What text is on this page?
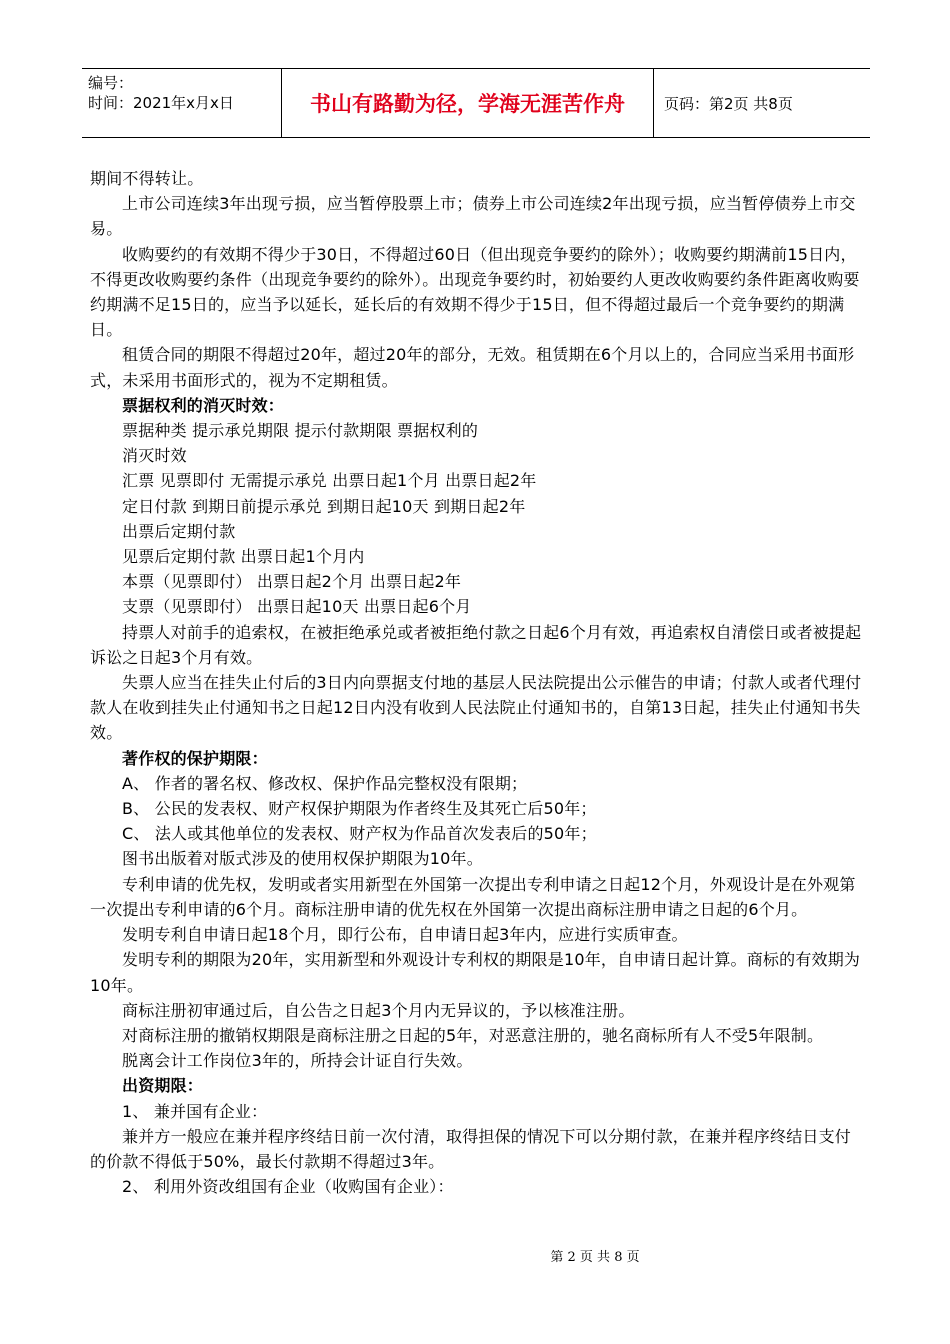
编号：
时间：2021年x月x日	书山有路勤为径，学海无涯苦作舟	页码：第2页 共8页

期间不得转让。

上市公司连续3年出现亏损，应当暂停股票上市；债券上市公司连续2年出现亏损，应当暂停债券上市交易。

收购要约的有效期不得少于30日，不得超过60日（但出现竞争要约的除外）；收购要约期满前15日内，不得更改收购要约条件（出现竞争要约的除外）。出现竞争要约时，初始要约人更改收购要约条件距离收购要约期满不足15日的，应当予以延长，延长后的有效期不得少于15日，但不得超过最后一个竞争要约的期满日。

租赁合同的期限不得超过20年，超过20年的部分，无效。租赁期在6个月以上的，合同应当采用书面形式，未采用书面形式的，视为不定期租赁。

票据权利的消灭时效：

票据种类 提示承兑期限 提示付款期限 票据权利的

消灭时效

汇票 见票即付 无需提示承兑 出票日起1个月 出票日起2年

定日付款 到期日前提示承兑 到期日起10天 到期日起2年

出票后定期付款

见票后定期付款 出票日起1个月内

本票（见票即付） 出票日起2个月 出票日起2年

支票（见票即付） 出票日起10天 出票日起6个月

持票人对前手的追索权，在被拒绝承兑或者被拒绝付款之日起6个月有效，再追索权自清偿日或者被提起诉讼之日起3个月有效。

失票人应当在挂失止付后的3日内向票据支付地的基层人民法院提出公示催告的申请；付款人或者代理付款人在收到挂失止付通知书之日起12日内没有收到人民法院止付通知书的，自第13日起，挂失止付通知书失效。

著作权的保护期限：

A、 作者的署名权、修改权、保护作品完整权没有限期；

B、 公民的发表权、财产权保护期限为作者终生及其死亡后50年；

C、 法人或其他单位的发表权、财产权为作品首次发表后的50年；

图书出版着对版式涉及的使用权保护期限为10年。

专利申请的优先权，发明或者实用新型在外国第一次提出专利申请之日起12个月，外观设计是在外观第一次提出专利申请的6个月。商标注册申请的优先权在外国第一次提出商标注册申请之日起的6个月。

发明专利自申请日起18个月，即行公布，自申请日起3年内，应进行实质审查。

发明专利的期限为20年，实用新型和外观设计专利权的期限是10年，自申请日起计算。商标的有效期为10年。

商标注册初审通过后，自公告之日起3个月内无异议的，予以核准注册。

对商标注册的撤销权期限是商标注册之日起的5年，对恶意注册的，驰名商标所有人不受5年限制。

脱离会计工作岗位3年的，所持会计证自行失效。

出资期限：

1、 兼并国有企业：

兼并方一般应在兼并程序终结日前一次付清，取得担保的情况下可以分期付款，在兼并程序终结日支付的价款不得低于50%，最长付款期不得超过3年。

2、 利用外资改组国有企业（收购国有企业）：

第 2 页 共 8 页
